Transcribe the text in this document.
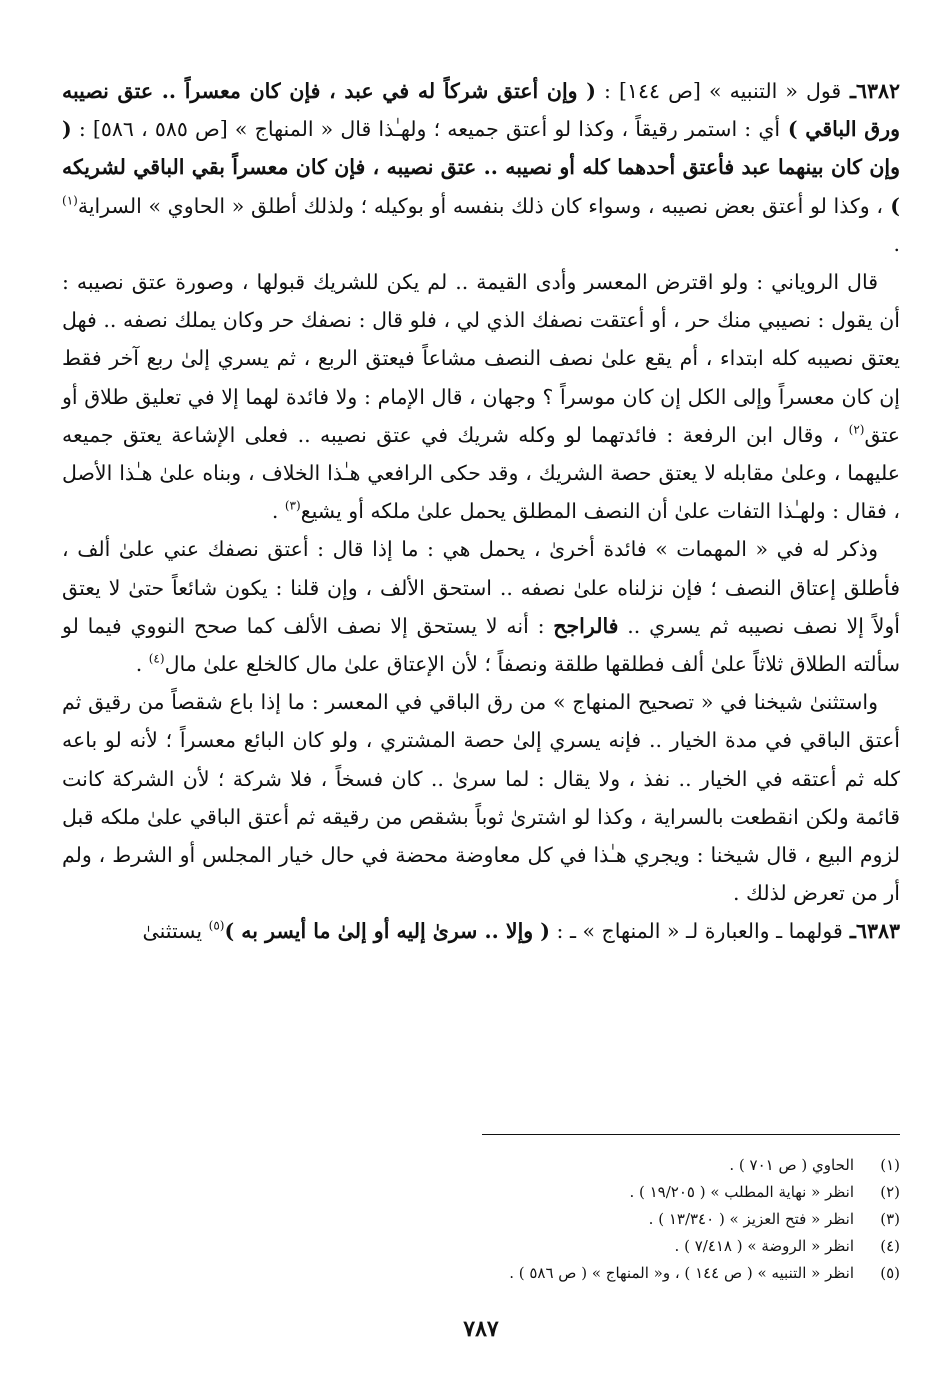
٦٣٨٢ـ قول « التنبيه » [ص ١٤٤] : ( وإن أعتق شركاً له في عبد ، فإن كان معسراً .. عتق نصيبه ورق الباقي ) أي : استمر رقيقاً ، وكذا لو أعتق جميعه ؛ ولهـٰذا قال « المنهاج » [ص ٥٨٥ ، ٥٨٦] : ( وإن كان بينهما عبد فأعتق أحدهما كله أو نصيبه .. عتق نصيبه ، فإن كان معسراً بقي الباقي لشريكه ) ، وكذا لو أعتق بعض نصيبه ، وسواء كان ذلك بنفسه أو بوكيله ؛ ولذلك أطلق « الحاوي » السراية$^{(١)}$ .

قال الروياني : ولو اقترض المعسر وأدى القيمة .. لم يكن للشريك قبولها ، وصورة عتق نصيبه : أن يقول : نصيبي منك حر ، أو أعتقت نصفك الذي لي ، فلو قال : نصفك حر وكان يملك نصفه .. فهل يعتق نصيبه كله ابتداء ، أم يقع علىٰ نصف النصف مشاعاً فيعتق الربع ، ثم يسري إلىٰ ربع آخر فقط إن كان معسراً وإلى الكل إن كان موسراً ؟ وجهان ، قال الإمام : ولا فائدة لهما إلا في تعليق طلاق أو عتق$^{(٢)}$ ، وقال ابن الرفعة : فائدتهما لو وكله شريك في عتق نصيبه .. فعلى الإشاعة يعتق جميعه عليهما ، وعلىٰ مقابله لا يعتق حصة الشريك ، وقد حكى الرافعي هـٰذا الخلاف ، وبناه علىٰ هـٰذا الأصل ، فقال : ولهـٰذا التفات علىٰ أن النصف المطلق يحمل علىٰ ملكه أو يشيع$^{(٣)}$ .

وذكر له في « المهمات » فائدة أخرىٰ ، يحمل هي : ما إذا قال : أعتق نصفك عني علىٰ ألف ، فأطلق إعتاق النصف ؛ فإن نزلناه علىٰ نصفه .. استحق الألف ، وإن قلنا : يكون شائعاً حتىٰ لا يعتق أولاً إلا نصف نصيبه ثم يسري .. فالراجح : أنه لا يستحق إلا نصف الألف كما صحح النووي فيما لو سألته الطلاق ثلاثاً علىٰ ألف فطلقها طلقة ونصفاً ؛ لأن الإعتاق علىٰ مال كالخلع علىٰ مال$^{(٤)}$ .

واستثنىٰ شيخنا في « تصحيح المنهاج » من رق الباقي في المعسر : ما إذا باع شقصاً من رقيق ثم أعتق الباقي في مدة الخيار .. فإنه يسري إلىٰ حصة المشتري ، ولو كان البائع معسراً ؛ لأنه لو باعه كله ثم أعتقه في الخيار .. نفذ ، ولا يقال : لما سرىٰ .. كان فسخاً ، فلا شركة ؛ لأن الشركة كانت قائمة ولكن انقطعت بالسراية ، وكذا لو اشترىٰ ثوباً بشقص من رقيقه ثم أعتق الباقي علىٰ ملكه قبل لزوم البيع ، قال شيخنا : ويجري هـٰذا في كل معاوضة محضة في حال خيار المجلس أو الشرط ، ولم أر من تعرض لذلك .

٦٣٨٣ـ قولهما ـ والعبارة لـ « المنهاج » ـ : ( وإلا .. سرىٰ إليه أو إلىٰ ما أيسر به )$^{(٥)}$ يستثنىٰ

(١)الحاوي ( ص ٧٠١ ) .
(٢)انظر « نهاية المطلب » ( ١٩/٢٠٥ ) .
(٣)انظر « فتح العزيز » ( ١٣/٣٤٠ ) .
(٤)انظر « الروضة » ( ٧/٤١٨ ) .
(٥)انظر « التنبيه » ( ص ١٤٤ ) ، و« المنهاج » ( ص ٥٨٦ ) .
٧٨٧
